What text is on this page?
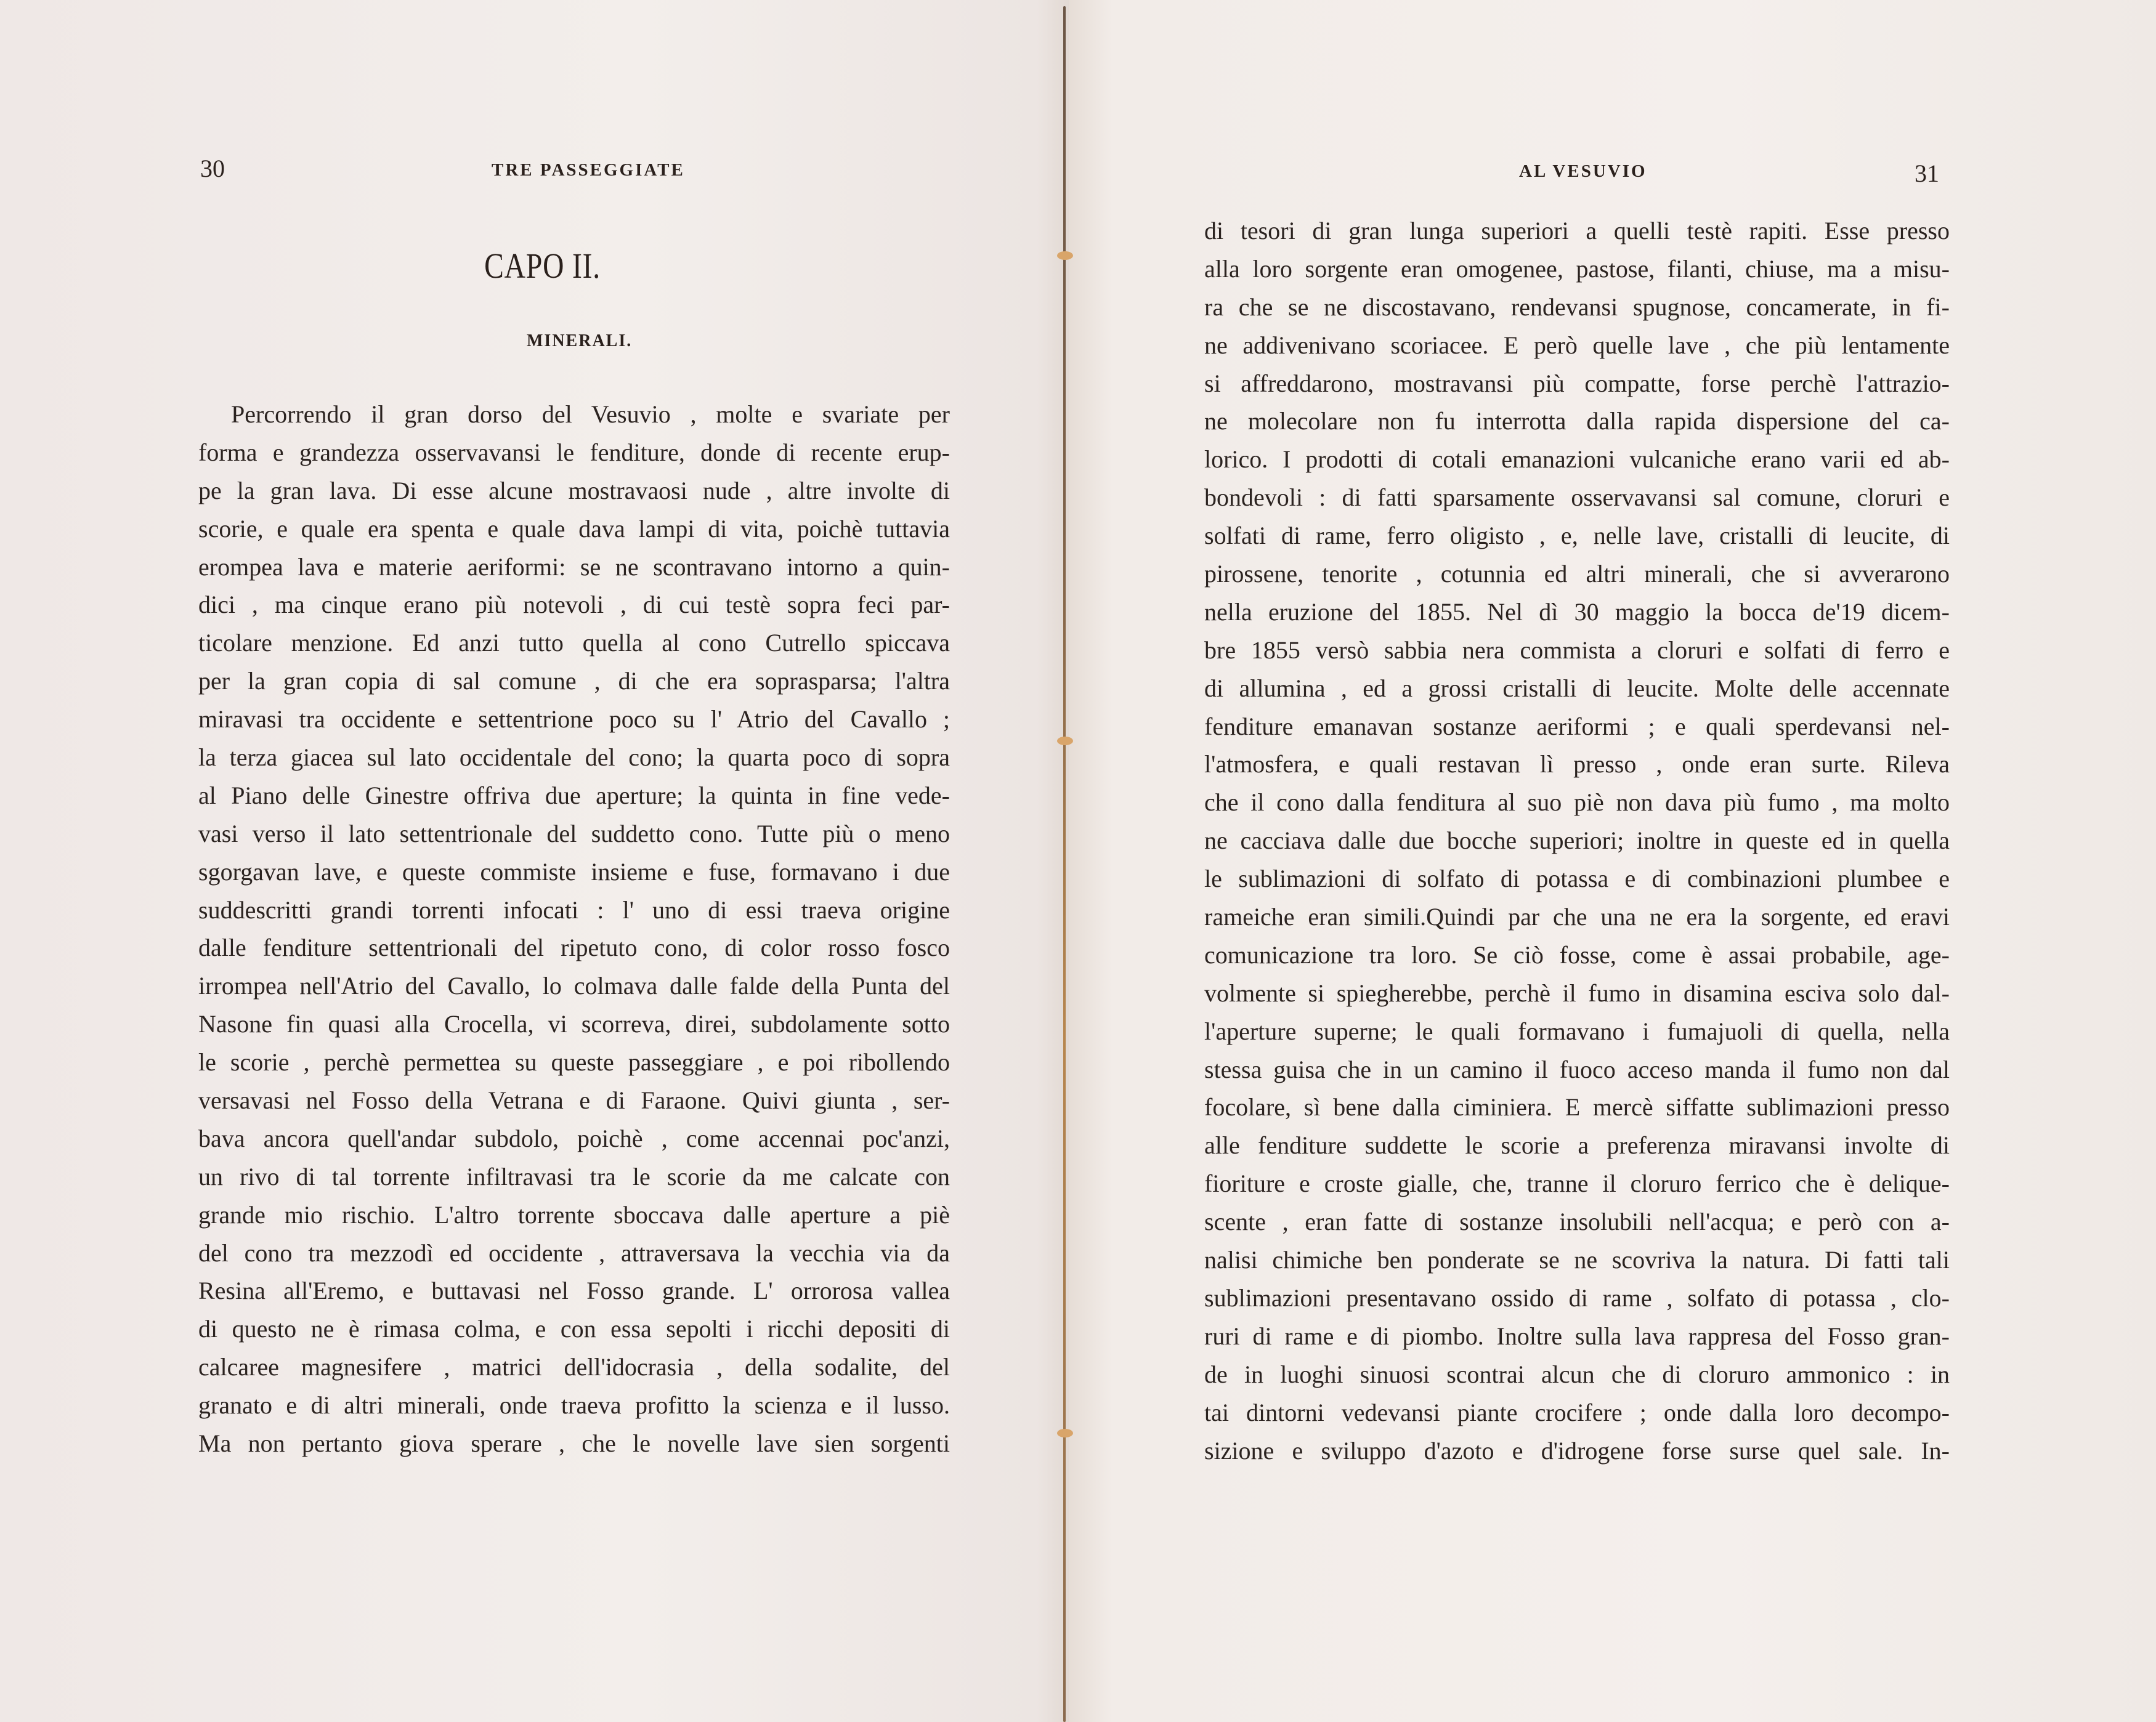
30	TRE PASSEGGIATE
CAPO II.
MINERALI.
Percorrendo il gran dorso del Vesuvio , molte e svariate per
forma e grandezza osservavansi le fenditure, donde di recente erup-
pe la gran lava. Di esse alcune mostravaosi nude , altre involte di
scorie, e quale era spenta e quale dava lampi di vita, poichè tuttavia
erompea lava e materie aeriformi: se ne scontravano intorno a quin-
dici , ma cinque erano più notevoli , di cui testè sopra feci par-
ticolare menzione. Ed anzi tutto quella al cono Cutrello spiccava
per la gran copia di sal comune , di che era soprasparsa; l'altra
miravasi tra occidente e settentrione poco su l' Atrio del Cavallo ;
la terza giacea sul lato occidentale del cono; la quarta poco di sopra
al Piano delle Ginestre offriva due aperture; la quinta in fine vede-
vasi verso il lato settentrionale del suddetto cono. Tutte più o meno
sgorgavan lave, e queste commiste insieme e fuse, formavano i due
suddescritti grandi torrenti infocati : l' uno di essi traeva origine
dalle fenditure settentrionali del ripetuto cono, di color rosso fosco
irrompea nell'Atrio del Cavallo, lo colmava dalle falde della Punta del
Nasone fin quasi alla Crocella, vi scorreva, direi, subdolamente sotto
le scorie , perchè permettea su queste passeggiare , e poi ribollendo
versavasi nel Fosso della Vetrana e di Faraone. Quivi giunta , ser-
bava ancora quell'andar subdolo, poichè , come accennai poc'anzi,
un rivo di tal torrente infiltravasi tra le scorie da me calcate con
grande mio rischio. L'altro torrente sboccava dalle aperture a piè
del cono tra mezzodì ed occidente , attraversava la vecchia via da
Resina all'Eremo, e buttavasi nel Fosso grande. L' orrorosa vallea
di questo ne è rimasa colma, e con essa sepolti i ricchi depositi di
calcaree magnesifere , matrici dell'idocrasia , della sodalite, del
granato e di altri minerali, onde traeva profitto la scienza e il lusso.
Ma non pertanto giova sperare , che le novelle lave sien sorgenti
AL VESUVIO	31
di tesori di gran lunga superiori a quelli testè rapiti. Esse presso
alla loro sorgente eran omogenee, pastose, filanti, chiuse, ma a misu-
ra che se ne discostavano, rendevansi spugnose, concamerate, in fi-
ne addivenivano scoriacee. E però quelle lave , che più lentamente
si affreddarono, mostravansi più compatte, forse perchè l'attrazio-
ne molecolare non fu interrotta dalla rapida dispersione del ca-
lorico. I prodotti di cotali emanazioni vulcaniche erano varii ed ab-
bondevoli : di fatti sparsamente osservavansi sal comune, cloruri e
solfati di rame, ferro oligisto , e, nelle lave, cristalli di leucite, di
pirossene, tenorite , cotunnia ed altri minerali, che si avverarono
nella eruzione del 1855. Nel dì 30 maggio la bocca de'19 dicem-
bre 1855 versò sabbia nera commista a cloruri e solfati di ferro e
di allumina , ed a grossi cristalli di leucite. Molte delle accennate
fenditure emanavan sostanze aeriformi ; e quali sperdevansi nel-
l'atmosfera, e quali restavan lì presso , onde eran surte. Rileva
che il cono dalla fenditura al suo piè non dava più fumo , ma molto
ne cacciava dalle due bocche superiori; inoltre in queste ed in quella
le sublimazioni di solfato di potassa e di combinazioni plumbee e
rameiche eran simili.Quindi par che una ne era la sorgente, ed eravi
comunicazione tra loro. Se ciò fosse, come è assai probabile, age-
volmente si spiegherebbe, perchè il fumo in disamina esciva solo dal-
l'aperture superne; le quali formavano i fumajuoli di quella, nella
stessa guisa che in un camino il fuoco acceso manda il fumo non dal
focolare, sì bene dalla ciminiera. E mercè siffatte sublimazioni presso
alle fenditure suddette le scorie a preferenza miravansi involte di
fioriture e croste gialle, che, tranne il cloruro ferrico che è delique-
scente , eran fatte di sostanze insolubili nell'acqua; e però con a-
nalisi chimiche ben ponderate se ne scovriva la natura. Di fatti tali
sublimazioni presentavano ossido di rame , solfato di potassa , clo-
ruri di rame e di piombo. Inoltre sulla lava rappresa del Fosso gran-
de in luoghi sinuosi scontrai alcun che di cloruro ammonico : in
tai dintorni vedevansi piante crocifere ; onde dalla loro decompo-
sizione e sviluppo d'azoto e d'idrogene forse surse quel sale. In-
